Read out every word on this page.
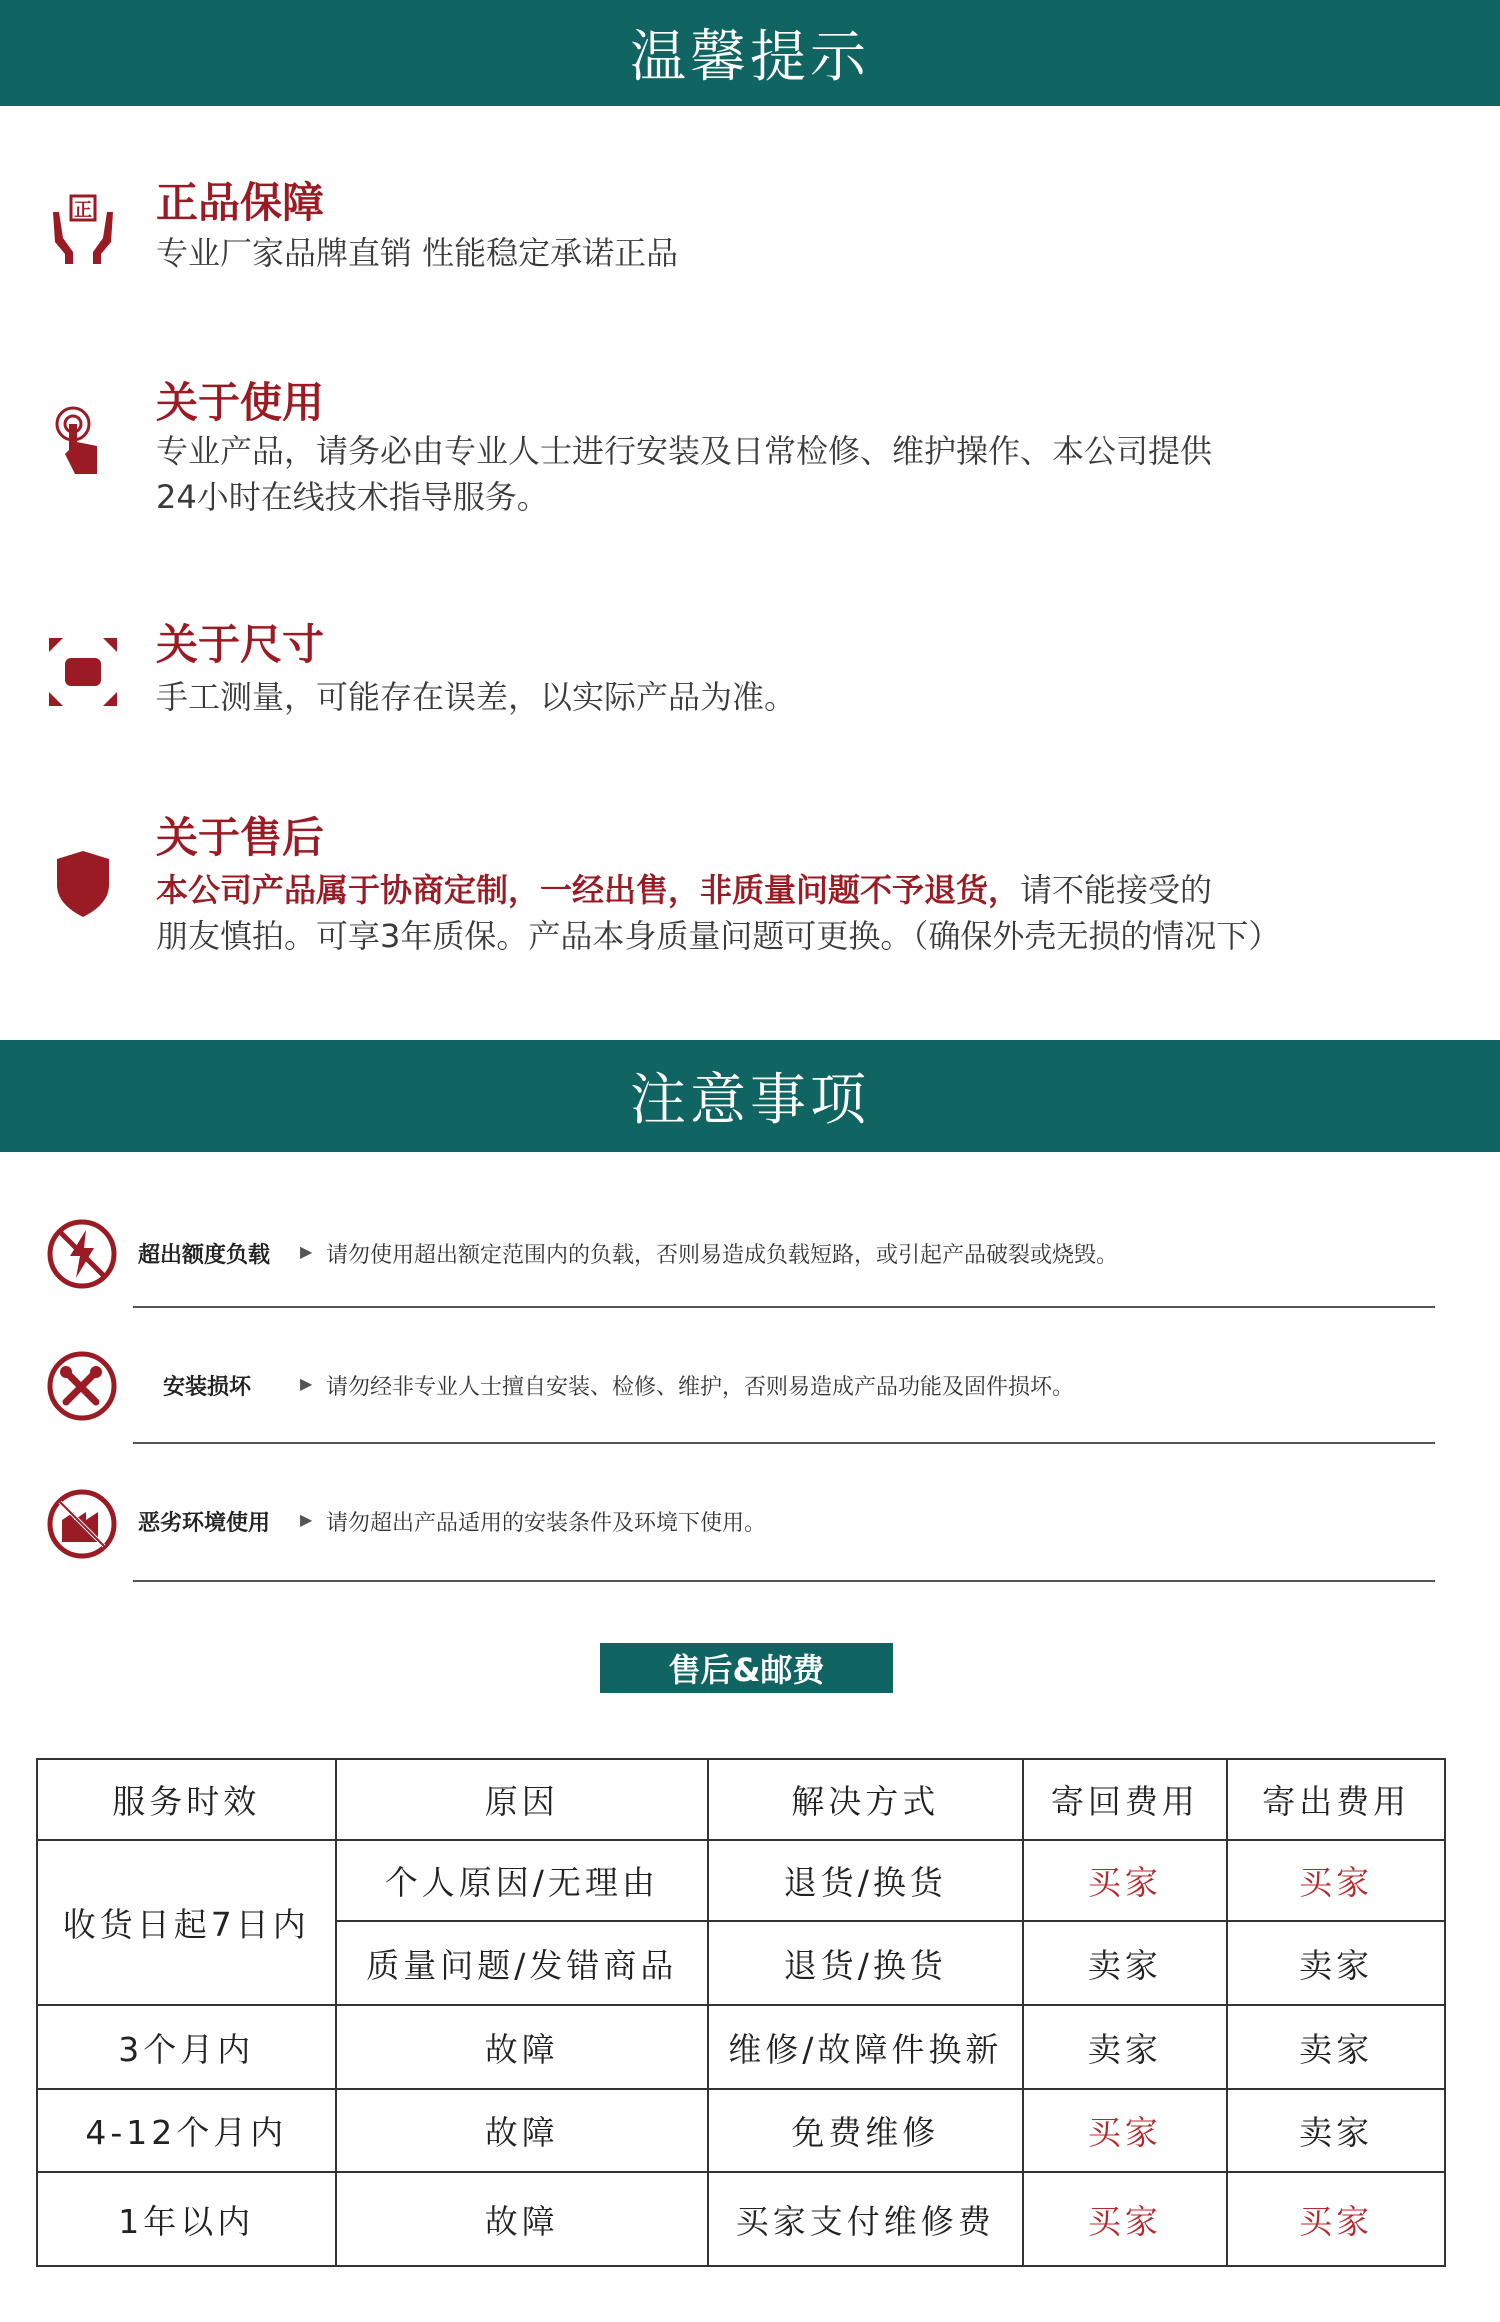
温馨提示
正 正品保障
专业厂家品牌直销 性能稳定承诺正品
关于使用
专业产品，请务必由专业人士进行安装及日常检修、维护操作、本公司提供
24小时在线技术指导服务。
关于尺寸
手工测量，可能存在误差，以实际产品为准。
关于售后
本公司产品属于协商定制，一经出售，非质量问题不予退货，请不能接受的
朋友慎拍。可享3年质保。产品本身质量问题可更换。（确保外壳无损的情况下）
注意事项
超出额度负载 ▶ 请勿使用超出额定范围内的负载，否则易造成负载短路，或引起产品破裂或烧毁。
安装损坏	▶ 请勿经非专业人士擅自安装、检修、维护，否则易造成产品功能及固件损坏。
恶劣环境使用 ▶ 请勿超出产品适用的安装条件及环境下使用。
售后&邮费
服务时效	原因	解决方式	寄回费用	寄出费用
收货日起7日内	个人原因/无理由	退货/换货	买家	买家
	质量问题/发错商品	退货/换货	卖家	卖家
3个月内	故障	维修/故障件换新	卖家	卖家
4-12个月内	故障	免费维修	买家	卖家
1年以内	故障	买家支付维修费	买家	买家
